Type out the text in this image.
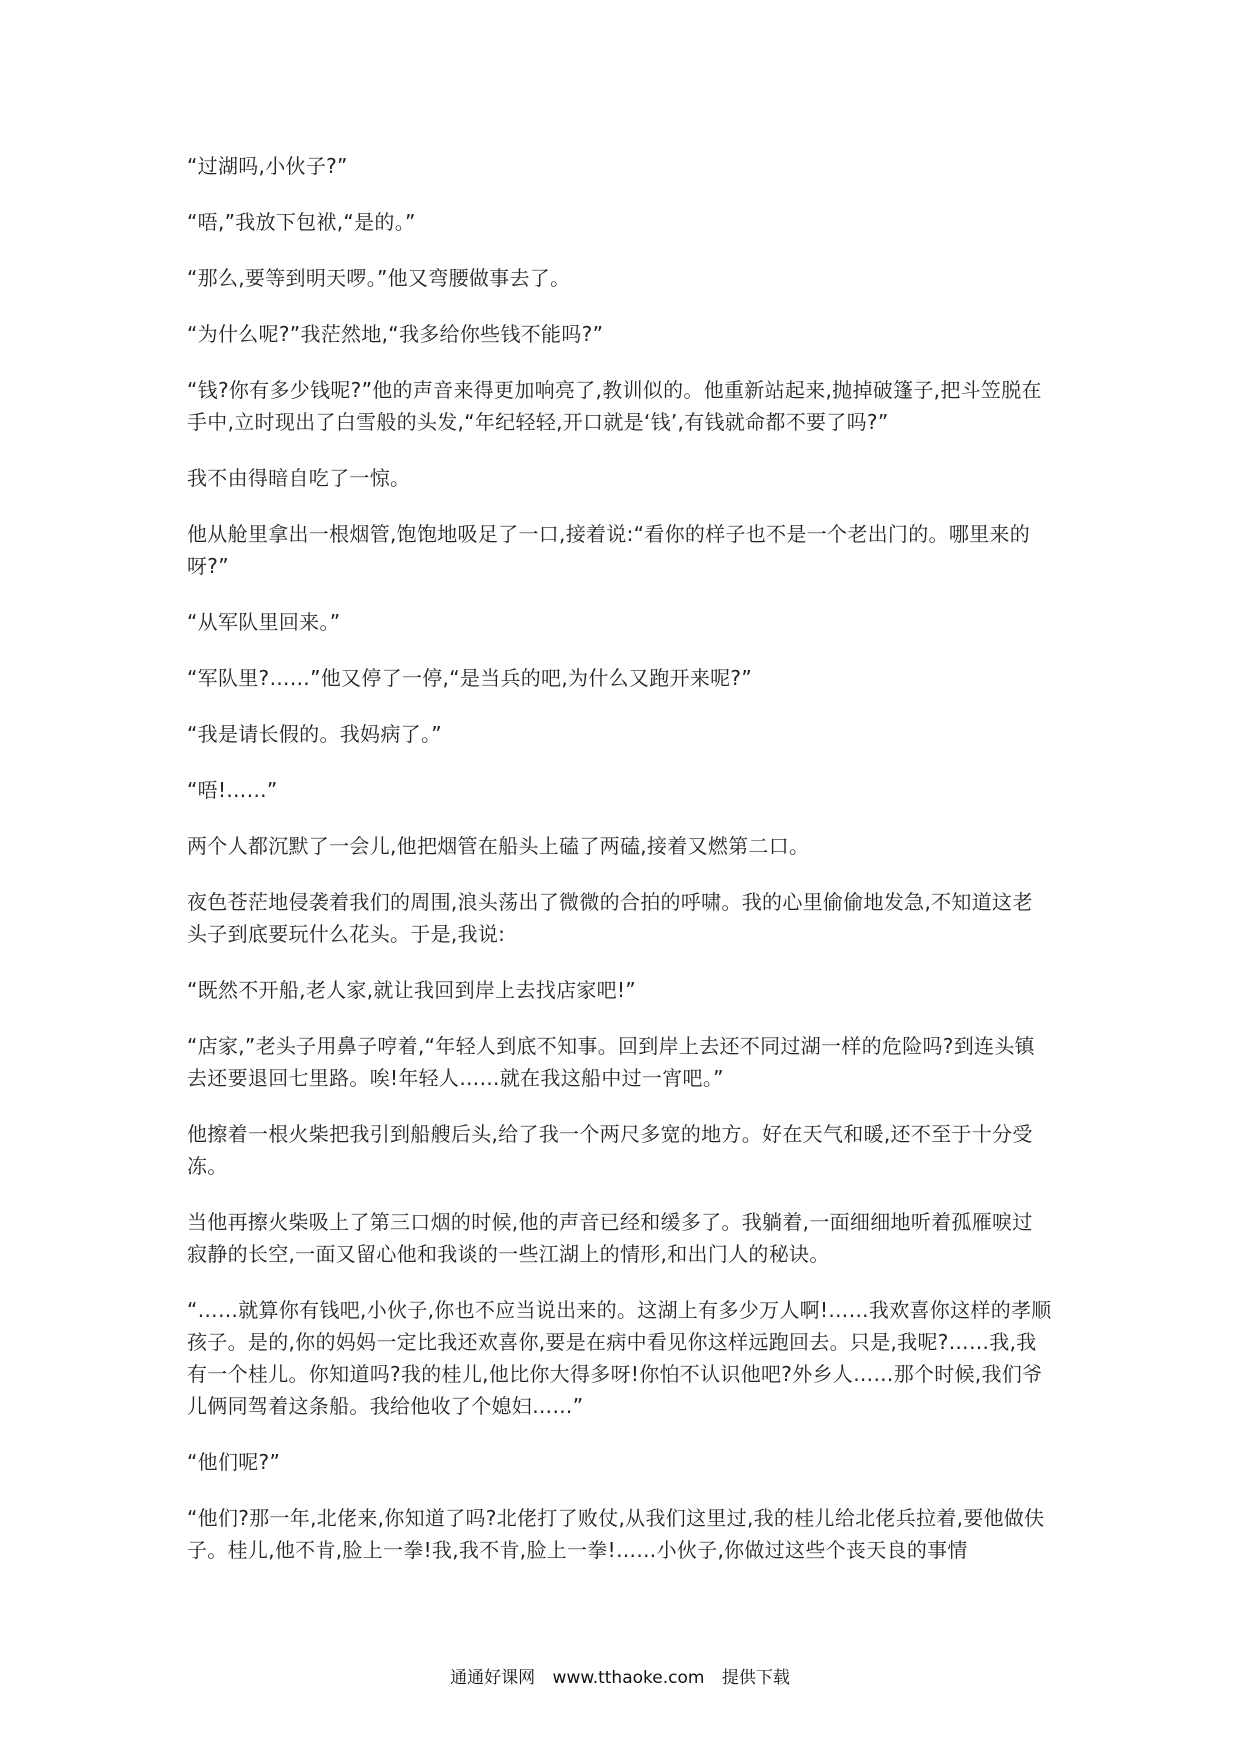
“过湖吗,小伙子?”

“唔,”我放下包袱,“是的。”

“那么,要等到明天啰。”他又弯腰做事去了。

“为什么呢?”我茫然地,“我多给你些钱不能吗?”

“钱?你有多少钱呢?”他的声音来得更加响亮了,教训似的。他重新站起来,抛掉破篷子,把斗笠脱在手中,立时现出了白雪般的头发,“年纪轻轻,开口就是‘钱’,有钱就命都不要了吗?”

我不由得暗自吃了一惊。

他从舱里拿出一根烟管,饱饱地吸足了一口,接着说:“看你的样子也不是一个老出门的。哪里来的呀?”

“从军队里回来。”

“军队里?……”他又停了一停,“是当兵的吧,为什么又跑开来呢?”

“我是请长假的。我妈病了。”

“唔!……”

两个人都沉默了一会儿,他把烟管在船头上磕了两磕,接着又燃第二口。

夜色苍茫地侵袭着我们的周围,浪头荡出了微微的合拍的呼啸。我的心里偷偷地发急,不知道这老头子到底要玩什么花头。于是,我说:

“既然不开船,老人家,就让我回到岸上去找店家吧!”

“店家,”老头子用鼻子哼着,“年轻人到底不知事。回到岸上去还不同过湖一样的危险吗?到连头镇去还要退回七里路。唉!年轻人……就在我这船中过一宵吧。”

他擦着一根火柴把我引到船艘后头,给了我一个两尺多宽的地方。好在天气和暖,还不至于十分受冻。

当他再擦火柴吸上了第三口烟的时候,他的声音已经和缓多了。我躺着,一面细细地听着孤雁唳过寂静的长空,一面又留心他和我谈的一些江湖上的情形,和出门人的秘诀。

“……就算你有钱吧,小伙子,你也不应当说出来的。这湖上有多少万人啊!……我欢喜你这样的孝顺孩子。是的,你的妈妈一定比我还欢喜你,要是在病中看见你这样远跑回去。只是,我呢?……我,我有一个桂儿。你知道吗?我的桂儿,他比你大得多呀!你怕不认识他吧?外乡人……那个时候,我们爷儿俩同驾着这条船。我给他收了个媳妇……”

“他们呢?”

“他们?那一年,北佬来,你知道了吗?北佬打了败仗,从我们这里过,我的桂儿给北佬兵拉着,要他做伕子。桂儿,他不肯,脸上一拳!我,我不肯,脸上一拳!……小伙子,你做过这些个丧天良的事情

通通好课网 www.tthaoke.com 提供下载
